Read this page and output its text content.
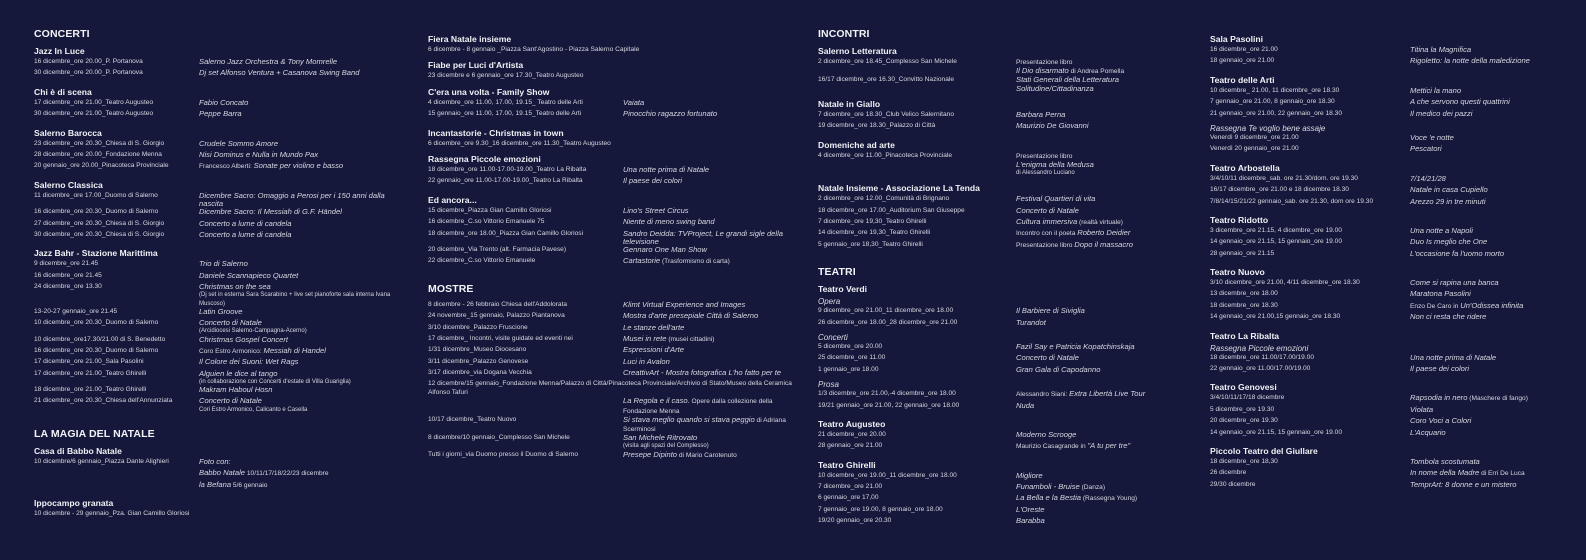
CONCERTI
Jazz In Luce
16 dicembre_ore 20.00_P. Portanova	Salerno Jazz Orchestra & Tony Momrelle
30 dicembre_ore 20.00_P. Portanova	Dj set Alfonso Ventura + Casanova Swing Band
Chi è di scena
17 dicembre_ore 21.00_Teatro Augusteo	Fabio Concato
30 dicembre_ore 21.00_Teatro Augusteo	Peppe Barra
Salerno Barocca
23 dicembre_ore 20.30_Chiesa di S. Giorgio	Crudele Sommo Amore
28 dicembre_ore 20.00_Fondazione Menna	Nisi Dominus e Nulla in Mundo Pax
20 gennaio_ore 20.00_Pinacoteca Provinciale	Francesco Alberti: Sonate per violino e basso
Salerno Classica
11 dicembre_ore 17.00_Duomo di Salerno	Dicembre Sacro: Omaggio a Perosi per i 150 anni dalla nascita
16 dicembre_ore 20.30_Duomo di Salerno	Dicembre Sacro: Il Messiah di G.F. Händel
27 dicembre_ore 20.30_Chiesa di S. Giorgio	Concerto a lume di candela
30 dicembre_ore 20.30_Chiesa di S. Giorgio	Concerto a lume di candela
Jazz Bahr - Stazione Marittima
9 dicembre_ore 21.45	Trio di Salerno
16 dicembre_ore 21.45	Daniele Scannapieco Quartet
24 dicembre_ore 13.30	Christmas on the sea
(Dj set in esterna Sara Scarabino + live set pianoforte sala interna Ivana Muscoso)
13-20-27 gennaio_ore 21.45	Latin Groove
10 dicembre_ore 20.30_Duomo di Salerno	Concerto di Natale
(Arcidiocesi Salerno-Campagna-Acerno)
10 dicembre_ore17.30/21.00 di S. Benedetto	Christmas Gospel Concert
16 dicembre_ore 20.30_Duomo di Salerno	Coro Estro Armonico: Messiah di Handel
17 dicembre_ore 21.00_Sala Pasolini	Il Colore dei Suoni: Wet Rags
17 dicembre_ore 21.00_Teatro Ghirelli	Alguien le dice al tango
(in collaborazione con Concerti d'estate di Villa Guariglia)
18 dicembre_ore 21.00_Teatro Ghirelli	Makram Haboul Hosn
21 dicembre_ore 20.30_Chiesa dell'Annunziata	Concerto di Natale
Cori Estro Armonico, Calicanto e Casella
LA MAGIA DEL NATALE
Casa di Babbo Natale
10 dicembre/6 gennaio_Piazza Dante Alighieri	Foto con:
Babbo Natale 10/11/17/18/22/23 dicembre
la Befana 5/6 gennaio
Ippocampo granata
10 dicembre - 29 gennaio_Pza. Gian Camillo Gloriosi
Fiera Natale insieme
6 dicembre - 8 gennaio _Piazza Sant'Agostino - Piazza Salerno Capitale
Fiabe per Luci d'Artista
23 dicembre e 6 gennaio_ore 17.30_Teatro Augusteo
C'era una volta - Family Show
4 dicembre_ore 11.00, 17.00, 19.15_ Teatro delle Arti	Vaiata
15 gennaio_ore 11.00, 17.00, 19.15_Teatro delle Arti	Pinocchio ragazzo fortunato
Incantastorie - Christmas in town
6 dicembre_ore 9.30_16 dicembre_ore 11.30_Teatro Augusteo
Rassegna Piccole emozioni
18 dicembre_ore 11.00-17.00-19.00_Teatro La Ribalta	Una notte prima di Natale
22 gennaio_ore 11.00-17.00-19.00_Teatro La Ribalta	Il paese dei colori
Ed ancora...
15 dicembre_Piazza Gian Camillo Gloriosi	Lino's Street Circus
16 dicembre_C.so Vittorio Emanuele 75	Niente di meno swing band
18 dicembre_ore 18.00_Piazza Gian Camillo Gloriosi	Sandro Deidda: TVProject, Le grandi sigle della televisione
20 dicembre_Via Trento (alt. Farmacia Pavese)	Gennaro One Man Show
22 dicembre_C.so Vittorio Emanuele	Cartastorie (Trasformismo di carta)
MOSTRE
8 dicembre - 26 febbraio Chiesa dell'Addolorata	Klimt Virtual Experience and Images
24 novembre_15 gennaio, Palazzo Piantanova	Mostra d'arte presepiale Città di Salerno
3/10 dicembre_Palazzo Fruscione	Le stanze dell'arte
17 dicembre_ Incontri, visite guidate ed eventi nei	Musei in rete (musei cittadini)
1/31 dicembre_Museo Diocesano	Espressioni d'Arte
3/11 dicembre_Palazzo Genovese	Luci in Avalon
3/17 dicembre_via Dogana Vecchia	CreattivArt - Mostra fotografica L'ho fatto per te
12 dicembre/15 gennaio_Fondazione Menna/Palazzo di Città/Pinacoteca Provinciale/Archivio di Stato/Museo della Ceramica Alfonso Tafuri
La Regola e il caso. Opere dalla collezione della Fondazione Menna
10/17 dicembre_Teatro Nuovo	Si stava meglio quando si stava peggio di Adriana Scerminosi
8 dicembre/10 gennaio_Complesso San Michele	San Michele Ritrovato
(visita agli spazi del Complesso)
Tutti i giorni_via Duomo presso il Duomo di Salerno	Presepe Dipinto di Mario Carotenuto
INCONTRI
Salerno Letteratura
2 dicembre_ore 18.45_Complesso San Michele	Presentazione libro
Il Dio disarmato di Andrea Pomella
16/17 dicembre_ore 16.30_Convitto Nazionale	Stati Generali della Letteratura Solitudine/Cittadinanza
Natale in Giallo
7 dicembre_ore 18.30_Club Velico Salernitano	Barbara Perna
19 dicembre_ore 18.30_Palazzo di Città	Maurizio De Giovanni
Domeniche ad arte
4 dicembre_ore 11.00_Pinacoteca Provinciale	Presentazione libro
L'enigma della Medusa
di Alessandro Luciano
Natale Insieme - Associazione La Tenda
2 dicembre_ore 12.00_Comunità di Brignano	Festival Quartieri di vita
18 dicembre_ore 17.00_Auditorium San Giuseppe	Concerto di Natale
7 dicembre_ore 19,30_Teatro Ghirelli	Cultura immersiva (realtà virtuale)
14 dicembre_ore 19,30_Teatro Ghirelli	Incontro con il poeta Roberto Deidier
5 gennaio_ore 18,30_Teatro Ghirelli	Presentazione libro Dopo il massacro
TEATRI
Teatro Verdi
Opera
9 dicembre_ore 21.00_11 dicembre_ore 18.00	Il Barbiere di Siviglia
26 dicembre_ore 18.00_28 dicembre_ore 21.00	Turandot
Concerti
5 dicembre_ore 20.00	Fazil Say e Patricia Kopatchinskaja
25 dicembre_ore 11.00	Concerto di Natale
1 gennaio_ore 18.00	Gran Gala di Capodanno
Prosa
1/3 dicembre_ore 21.00,-4 dicembre_ore 18.00	Alessandro Siani: Extra Libertà Live Tour
19/21 gennaio_ore 21.00, 22 gennaio_ore 18.00	Nuda
Teatro Augusteo
21 dicembre_ore 20.00	Moderno Scrooge
28 gennaio_ore 21.00	Maurizio Casagrande in "A tu per tre"
Teatro Ghirelli
10 dicembre_ore 19.00_11 dicembre_ore 18.00	Migliore
7 dicembre_ore 21.00	Funamboli - Bruise (Danza)
6 gennaio_ore 17,00	La Bella e la Bestia (Rassegna Young)
7 gennaio_ore 19.00, 8 gennaio_ore 18.00	L'Oreste
19/20 gennaio_ore 20.30	Barabba
Sala Pasolini
16 dicembre_ore 21.00	Titina la Magnifica
18 gennaio_ore 21.00	Rigoletto: la notte della maledizione
Teatro delle Arti
10 dicembre_ 21.00, 11 dicembre_ore 18.30	Mettici la mano
7 gennaio_ore 21.00, 8 gennaio_ore 18.30	A che servono questi quattrini
21 gennaio_ore 21.00, 22 gennaio_ore 18.30	Il medico dei pazzi
Rassegna Te voglio bene assaje
Venerdì 9 dicembre_ore 21.00	Voce 'e notte
Venerdì 20 gennaio_ore 21.00	Pescatori
Teatro Arbostella
3/4/10/11 dicembre_sab. ore 21.30/dom. ore 19.30	7/14/21/28
16/17 dicembre_ore 21.00 e 18 dicembre 18.30	Natale in casa Cupiello
7/8/14/15/21/22 gennaio_sab. ore 21.30, dom ore 19.30	Arezzo 29 in tre minuti
Teatro Ridotto
3 dicembre_ore 21.15, 4 dicembre_ore 19.00	Una notte a Napoli
14 gennaio_ore 21.15, 15 gennaio_ore 19.00	Duo Is meglio che One
28 gennaio_ore 21.15	L'occasione fa l'uomo morto
Teatro Nuovo
3/10 dicembre_ore 21.00, 4/11 dicembre_ore 18.30	Come si rapina una banca
13 dicembre_ore 18.00	Maratona Pasolini
18 dicembre_ore 18.30	Enzo De Caro in Un'Odissea infinita
14 gennaio_ore 21.00,15 gennaio_ore 18.30	Non ci resta che ridere
Teatro La Ribalta
Rassegna Piccole emozioni
18 dicembre_ore 11.00/17.00/19.00	Una notte prima di Natale
22 gennaio_ore 11.00/17.00/19.00	Il paese dei colori
Teatro Genovesi
3/4/10/11/17/18 dicembre	Rapsodia in nero (Maschere di fango)
5 dicembre_ore 19.30	Violata
20 dicembre_ore 19.30	Coro Voci a Colori
14 gennaio_ore 21.15, 15 gennaio_ore 19.00	L'Acquario
Piccolo Teatro del Giullare
18 dicembre_ore 18,30	Tombola scostumata
26 dicembre	In nome della Madre di Erri De Luca
29/30 dicembre	TemprArt: 8 donne e un mistero
